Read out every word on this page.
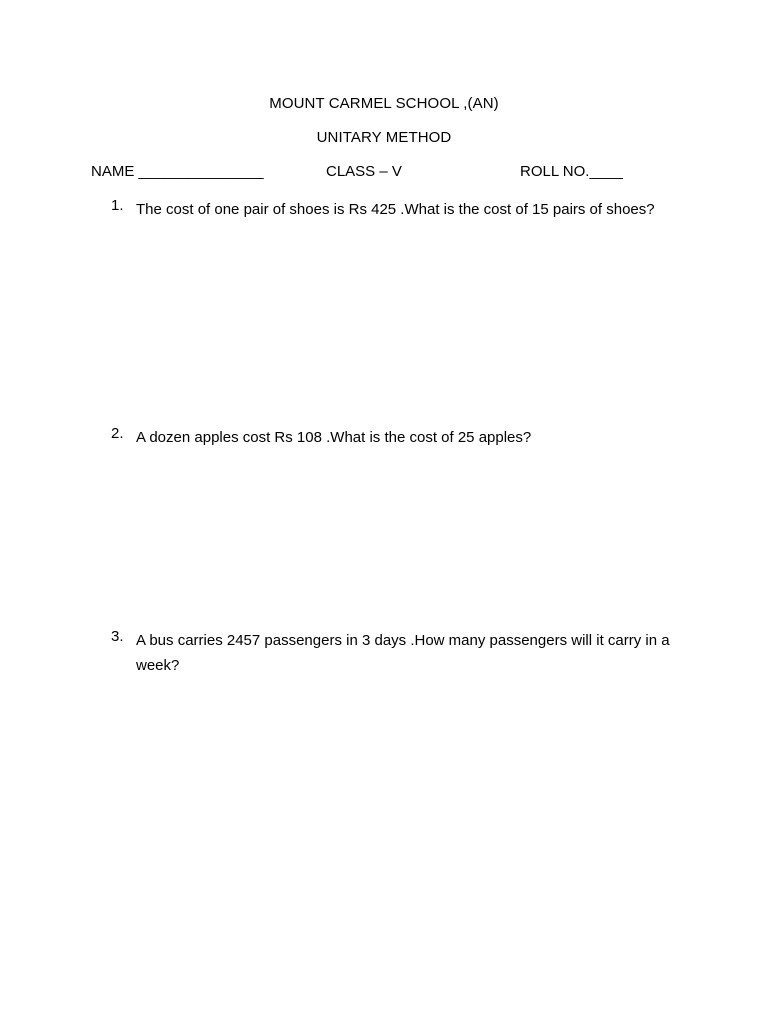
MOUNT CARMEL SCHOOL ,(AN)
UNITARY METHOD
NAME _______________	CLASS – V	ROLL NO.____
1. The cost of one pair of shoes is Rs 425 .What is the cost of 15 pairs of shoes?
2. A dozen apples cost Rs 108 .What is the cost of 25 apples?
3. A bus carries 2457 passengers in 3 days .How many passengers will it carry in a week?
